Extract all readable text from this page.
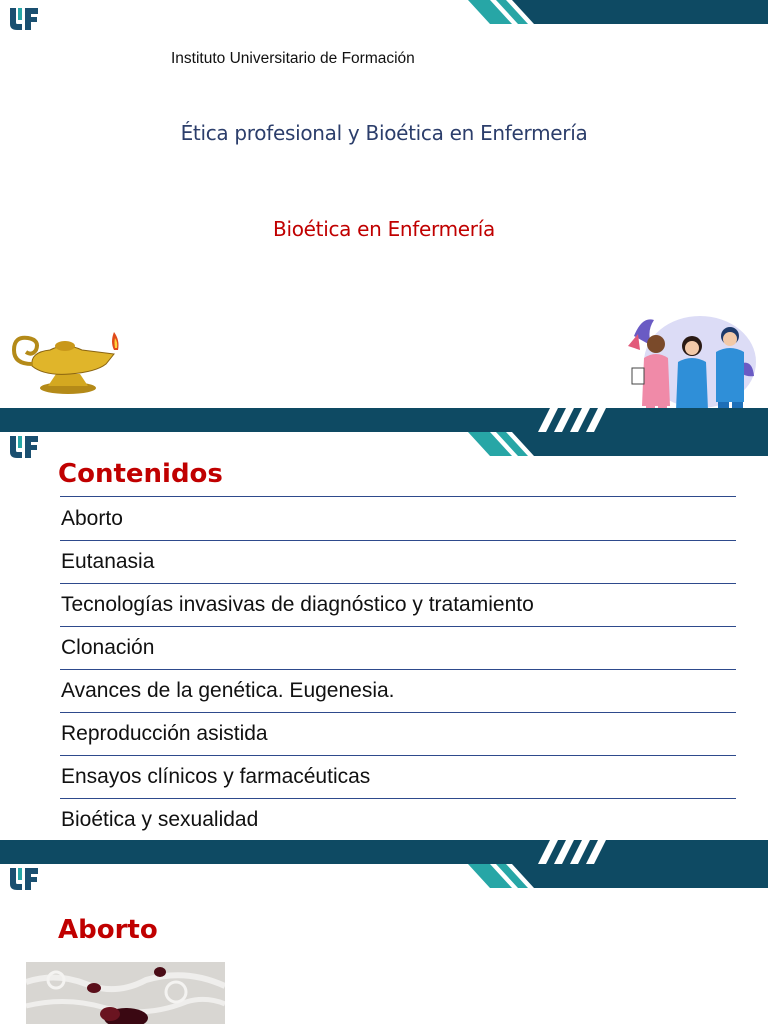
Instituto Universitario de Formación
Ética profesional y Bioética en Enfermería
Bioética en Enfermería
Contenidos
Aborto
Eutanasia
Tecnologías invasivas de diagnóstico y tratamiento
Clonación
Avances de la genética. Eugenesia.
Reproducción asistida
Ensayos clínicos y farmacéuticas
Bioética y sexualidad
Aborto
